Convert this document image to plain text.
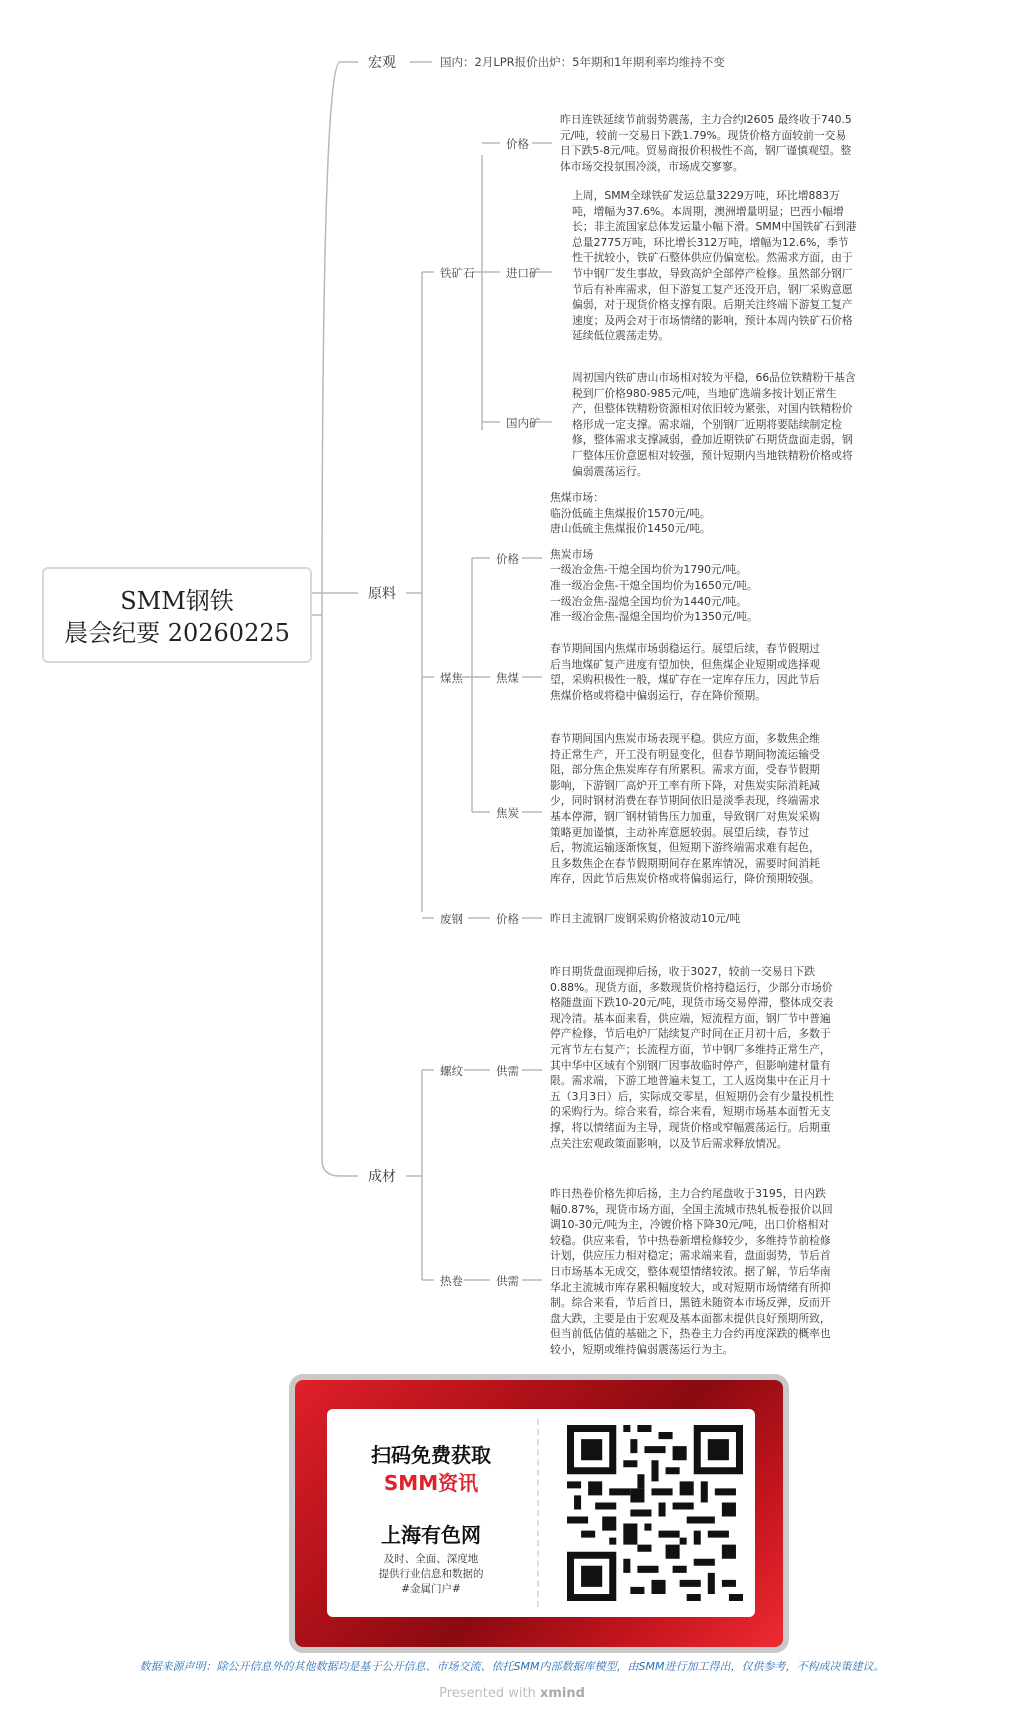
SMM钢铁
晨会纪要 20260225
宏观
原料
成材
国内：2月LPR报价出炉：5年期和1年期利率均维持不变
铁矿石
价格
进口矿
国内矿
昨日连铁延续节前弱势震荡，主力合约I2605 最终收于740.5元/吨，较前一交易日下跌1.79%。现货价格方面较前一交易日下跌5-8元/吨。贸易商报价积极性不高，钢厂谨慎观望。整体市场交投氛围冷淡，市场成交寥寥。
上周，SMM全球铁矿发运总量3229万吨，环比增883万吨，增幅为37.6%。本周期，澳洲增量明显；巴西小幅增长；非主流国家总体发运量小幅下滑。SMM中国铁矿石到港总量2775万吨，环比增长312万吨，增幅为12.6%，季节性干扰较小，铁矿石整体供应仍偏宽松。然需求方面，由于节中钢厂发生事故，导致高炉全部停产检修。虽然部分钢厂节后有补库需求，但下游复工复产还没开启，钢厂采购意愿偏弱，对于现货价格支撑有限。后期关注终端下游复工复产速度；及两会对于市场情绪的影响，预计本周内铁矿石价格延续低位震荡走势。
周初国内铁矿唐山市场相对较为平稳，66品位铁精粉干基含税到厂价格980-985元/吨，当地矿选端多按计划正常生产，但整体铁精粉资源相对依旧较为紧张，对国内铁精粉价格形成一定支撑。需求端，个别钢厂近期将要陆续制定检修，整体需求支撑减弱，叠加近期铁矿石期货盘面走弱，钢厂整体压价意愿相对较强，预计短期内当地铁精粉价格或将偏弱震荡运行。
煤焦
价格
焦煤
焦炭

焦煤市场：

临汾低硫主焦煤报价1570元/吨。

唐山低硫主焦煤报价1450元/吨。

焦炭市场

一级冶金焦-干熄全国均价为1790元/吨。

准一级冶金焦-干熄全国均价为1650元/吨。

一级冶金焦-湿熄全国均价为1440元/吨。

准一级冶金焦-湿熄全国均价为1350元/吨。

春节期间国内焦煤市场弱稳运行。展望后续，春节假期过后当地煤矿复产进度有望加快，但焦煤企业短期或选择观望，采购积极性一般，煤矿存在一定库存压力，因此节后焦煤价格或将稳中偏弱运行，存在降价预期。
春节期间国内焦炭市场表现平稳。供应方面，多数焦企维持正常生产，开工没有明显变化，但春节期间物流运输受阻，部分焦企焦炭库存有所累积。需求方面，受春节假期影响，下游钢厂高炉开工率有所下降，对焦炭实际消耗减少，同时钢材消费在春节期间依旧是淡季表现，终端需求基本停滞，钢厂钢材销售压力加重，导致钢厂对焦炭采购策略更加谨慎，主动补库意愿较弱。展望后续，春节过后，物流运输逐渐恢复，但短期下游终端需求难有起色，且多数焦企在春节假期期间存在累库情况，需要时间消耗库存，因此节后焦炭价格或将偏弱运行，降价预期较强。
废钢	价格	昨日主流钢厂废钢采购价格波动10元/吨
螺纹	供需
昨日期货盘面现抑后扬，收于3027，较前一交易日下跌0.88%。现货方面，多数现货价格持稳运行，少部分市场价格随盘面下跌10-20元/吨，现货市场交易停滞，整体成交表现冷清。基本面来看，供应端，短流程方面，钢厂节中普遍停产检修，节后电炉厂陆续复产时间在正月初十后，多数于元宵节左右复产；长流程方面，节中钢厂多维持正常生产，其中华中区域有个别钢厂因事故临时停产，但影响建材量有限。需求端，下游工地普遍未复工，工人返岗集中在正月十五（3月3日）后，实际成交零星，但短期仍会有少量投机性的采购行为。综合来看，综合来看，短期市场基本面暂无支撑，将以情绪面为主导，现货价格或窄幅震荡运行。后期重点关注宏观政策面影响，以及节后需求释放情况。
热卷	供需
昨日热卷价格先抑后扬，主力合约尾盘收于3195，日内跌幅0.87%，现货市场方面，全国主流城市热轧板卷报价以回调10-30元/吨为主，冷镀价格下降30元/吨，出口价格相对较稳。供应来看，节中热卷新增检修较少，多维持节前检修计划，供应压力相对稳定；需求端来看，盘面弱势，节后首日市场基本无成交，整体观望情绪较浓。据了解，节后华南华北主流城市库存累积幅度较大，或对短期市场情绪有所抑制。综合来看，节后首日，黑链未随资本市场反弹，反而开盘大跌，主要是由于宏观及基本面都未提供良好预期所致，但当前低估值的基础之下，热卷主力合约再度深跌的概率也较小，短期或维持偏弱震荡运行为主。
扫码免费获取
SMM资讯
上海有色网
及时、全面、深度地
提供行业信息和数据的
#金属门户#
数据来源声明：除公开信息外的其他数据均是基于公开信息、市场交流、依托SMM内部数据库模型，由SMM进行加工得出，仅供参考，不构成决策建议。
Presented with xmind
